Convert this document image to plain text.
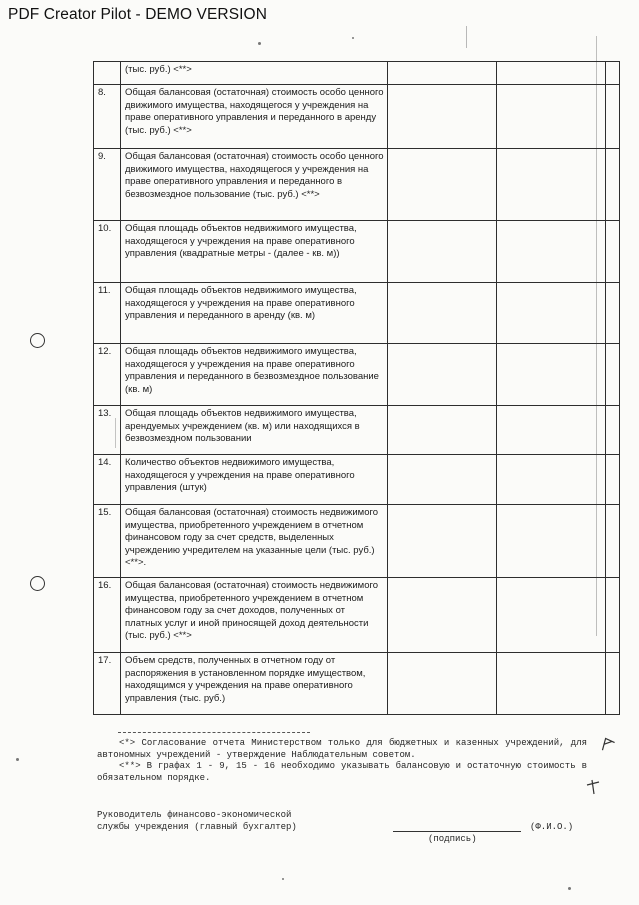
PDF Creator Pilot - DEMO VERSION
	(тыс. руб.) <**>			
8.	Общая балансовая (остаточная) стоимость особо ценного движимого имущества, находящегося у учреждения на праве оперативного управления и переданного в аренду (тыс. руб.) <**>			
9.	Общая балансовая (остаточная) стоимость особо ценного движимого имущества, находящегося у учреждения на праве оперативного управления и переданного в безвозмездное пользование (тыс. руб.) <**>			
10.	Общая площадь объектов недвижимого имущества, находящегося у учреждения на праве оперативного управления (квадратные метры - (далее - кв. м))			
11.	Общая площадь объектов недвижимого имущества, находящегося у учреждения на праве оперативного управления и переданного в аренду (кв. м)			
12.	Общая площадь объектов недвижимого имущества, находящегося у учреждения на праве оперативного управления и переданного в безвозмездное пользование (кв. м)			
13.	Общая площадь объектов недвижимого имущества, арендуемых учреждением (кв. м) или находящихся в безвозмездном пользовании			
14.	Количество объектов недвижимого имущества, находящегося у учреждения на праве оперативного управления (штук)			
15.	Общая балансовая (остаточная) стоимость недвижимого имущества, приобретенного учреждением в отчетном финансовом году за счет средств, выделенных учреждению учредителем на указанные цели (тыс. руб.) <**>.			
16.	Общая балансовая (остаточная) стоимость недвижимого имущества, приобретенного учреждением в отчетном финансовом году за счет доходов, полученных от платных услуг и иной приносящей доход деятельности (тыс. руб.) <**>			
17.	Объем средств, полученных в отчетном году от распоряжения в установленном порядке имуществом, находящимся у учреждения на праве оперативного управления (тыс. руб.)			

<*> Согласование отчета Министерством только для бюджетных и казенных учреждений, для автономных учреждений - утверждение Наблюдательным советом.

<**> В графах 1 - 9, 15 - 16 необходимо указывать балансовую и остаточную стоимость в обязательном порядке.

Руководитель финансово-экономической
службы учреждения (главный бухгалтер)
(подпись)
(Ф.И.О.)
